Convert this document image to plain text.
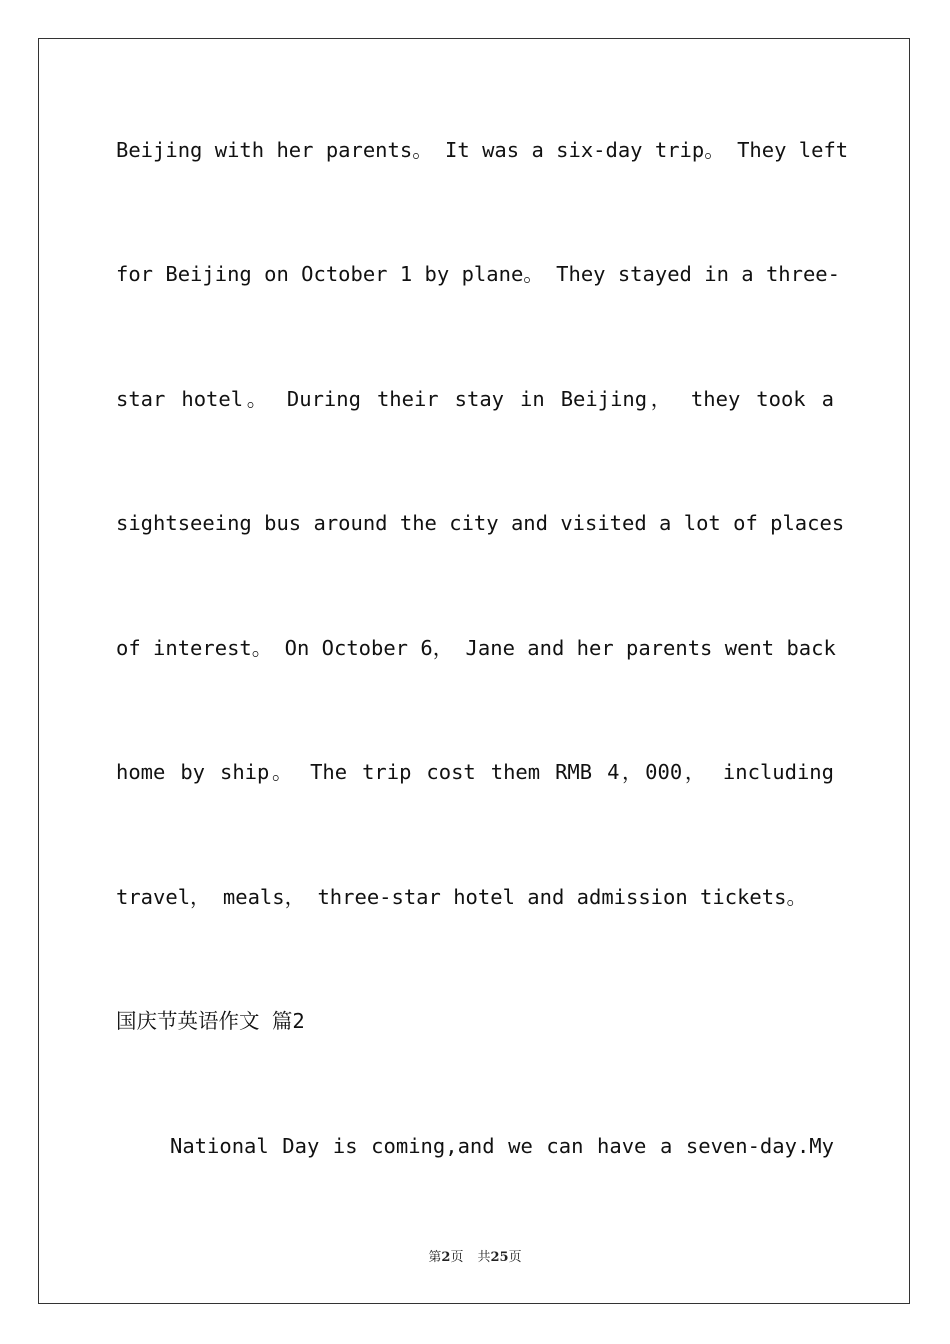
Beijing with her parents。 It was a six-day trip。 They left
for Beijing on October 1 by plane。 They stayed in a three-
star hotel。 During their stay in Beijing， they took a
sightseeing bus around the city and visited a lot of places
of interest。 On October 6， Jane and her parents went back
home by ship。 The trip cost them RMB 4，000， including
travel， meals， three-star hotel and admission tickets。
国庆节英语作文 篇2
National Day is coming,and we can have a seven-day.My
第2页 共25页
